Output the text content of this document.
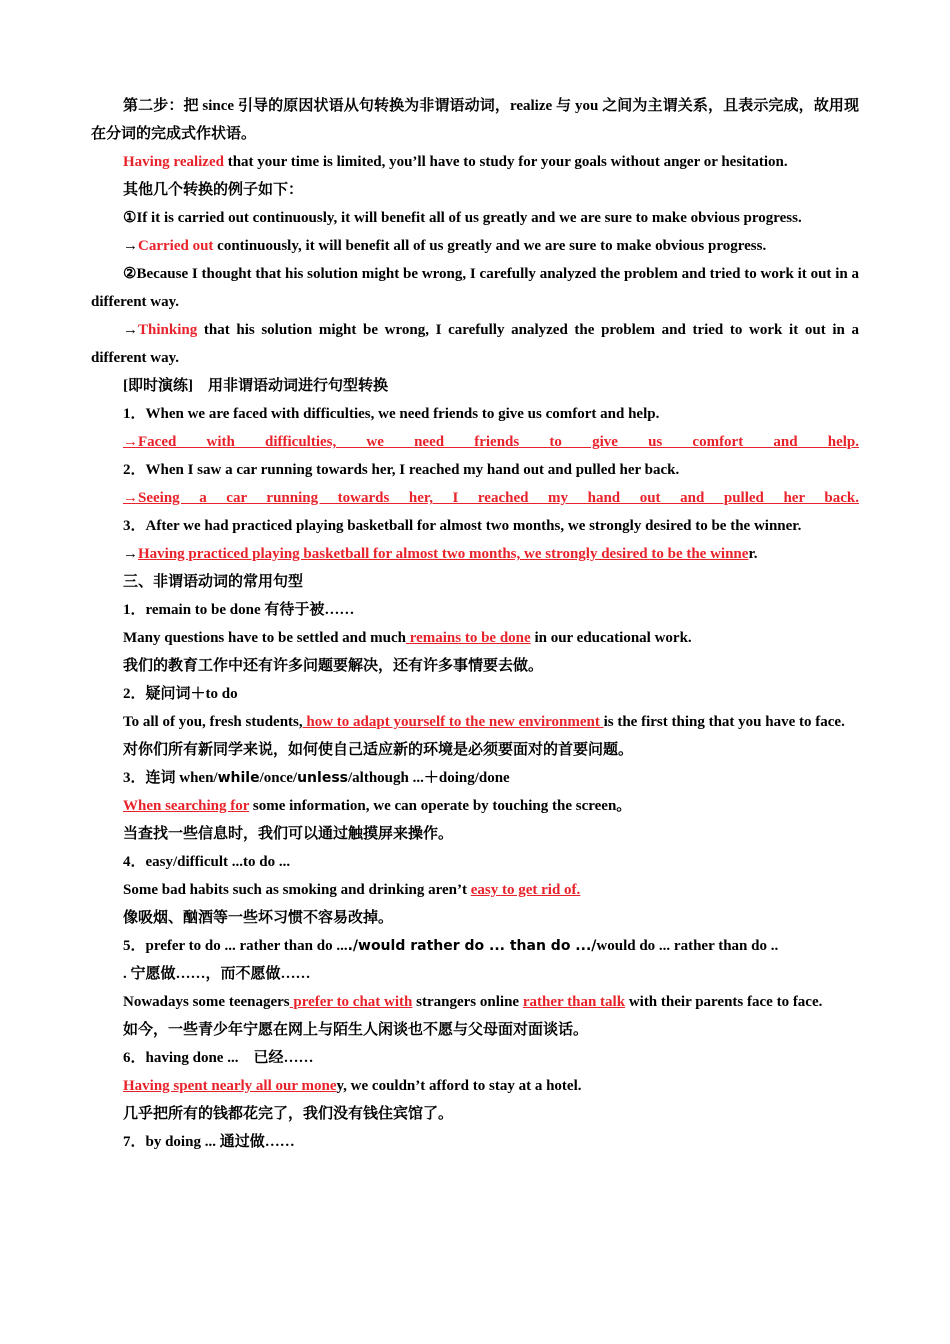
第二步：把 since 引导的原因状语从句转换为非谓语动词，realize 与 you 之间为主谓关系，且表示完成，故用现在分词的完成式作状语。

Having realized that your time is limited, you’ll have to study for your goals without anger or hesitation.

其他几个转换的例子如下：

①If it is carried out continuously, it will benefit all of us greatly and we are sure to make obvious progress.

→Carried out continuously, it will benefit all of us greatly and we are sure to make obvious progress.

②Because I thought that his solution might be wrong, I carefully analyzed the problem and tried to work it out in a different way.

→Thinking that his solution might be wrong, I carefully analyzed the problem and tried to work it out in a different way.

[即时演练]　用非谓语动词进行句型转换

1．When we are faced with difficulties, we need friends to give us comfort and help.

→Faced with difficulties, we need friends to give us comfort and help.

2．When I saw a car running towards her, I reached my hand out and pulled her back.

→Seeing a car running towards her, I reached my hand out and pulled her back.

3．After we had practiced playing basketball for almost two months, we strongly desired to be the winner.

→Having practiced playing basketball for almost two months, we strongly desired to be the winner.

三、非谓语动词的常用句型

1．remain to be done 有待于被……

Many questions have to be settled and much remains to be done in our educational work.

我们的教育工作中还有许多问题要解决，还有许多事情要去做。

2．疑问词＋to do

To all of you, fresh students, how to adapt yourself to the new environment is the first thing that you have to face.

对你们所有新同学来说，如何使自己适应新的环境是必须要面对的首要问题。

3．连词 when/while/once/unless/although ...＋doing/done

When searching for some information, we can operate by touching the screen。

当查找一些信息时，我们可以通过触摸屏来操作。

4．easy/difficult ...to do ...

Some bad habits such as smoking and drinking aren’t easy to get rid of.

像吸烟、酗酒等一些坏习惯不容易改掉。

5．prefer to do ... rather than do ..../would rather do ... than do .../would do ... rather than do ..

. 宁愿做……，而不愿做……

Nowadays some teenagers prefer to chat with strangers online rather than talk with their parents face to face.

如今，一些青少年宁愿在网上与陌生人闲谈也不愿与父母面对面谈话。

6．having done ...　已经……

Having spent nearly all our money, we couldn’t afford to stay at a hotel.

几乎把所有的钱都花完了，我们没有钱住宾馆了。

7．by doing ... 通过做……
